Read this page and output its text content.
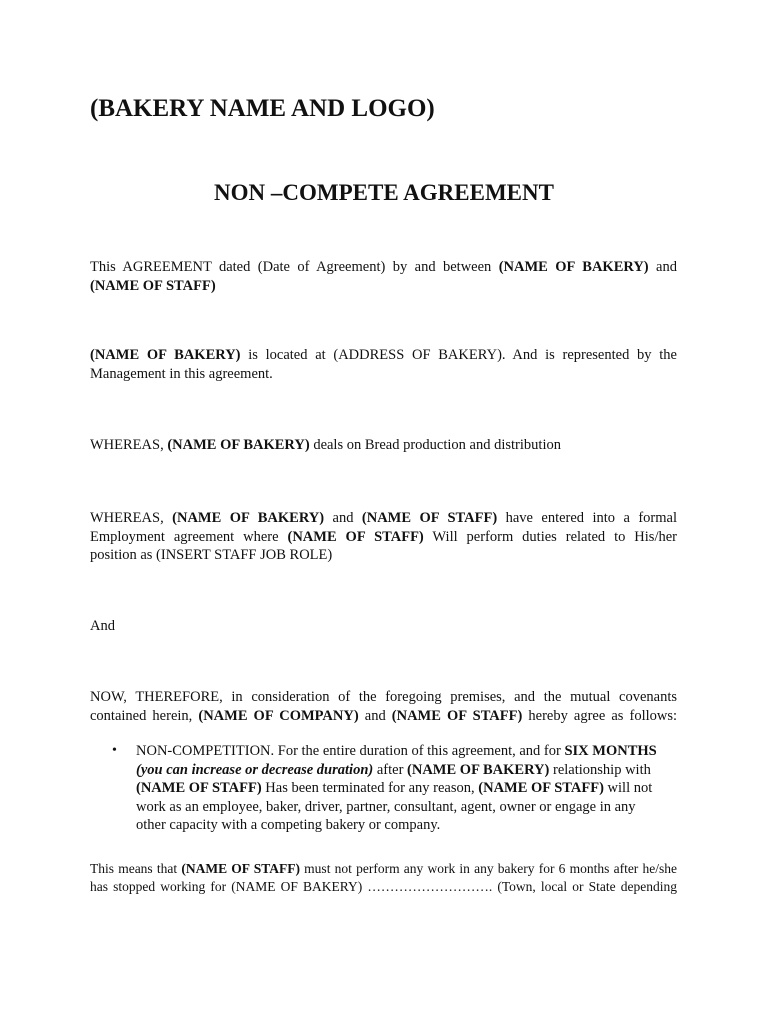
(BAKERY NAME AND LOGO)
NON –COMPETE AGREEMENT
This AGREEMENT dated (Date of Agreement) by and between (NAME OF BAKERY) and
(NAME OF STAFF)
(NAME OF BAKERY) is located at (ADDRESS OF BAKERY). And is represented by the
Management in this agreement.
WHEREAS, (NAME OF BAKERY) deals on Bread production and distribution
WHEREAS, (NAME OF BAKERY) and (NAME OF STAFF) have entered into a formal
Employment agreement where (NAME OF STAFF) Will perform duties related to His/her
position as (INSERT STAFF JOB ROLE)
And
NOW, THEREFORE, in consideration of the foregoing premises, and the mutual covenants
contained herein, (NAME OF COMPANY) and (NAME OF STAFF) hereby agree as follows:
• NON-COMPETITION. For the entire duration of this agreement, and for SIX MONTHS
(you can increase or decrease duration) after (NAME OF BAKERY) relationship with
(NAME OF STAFF) Has been terminated for any reason, (NAME OF STAFF) will not
work as an employee, baker, driver, partner, consultant, agent, owner or engage in any
other capacity with a competing bakery or company.
This means that (NAME OF STAFF) must not perform any work in any bakery for 6 months after he/she
has stopped working for (NAME OF BAKERY) ………………………. (Town, local or State depending
